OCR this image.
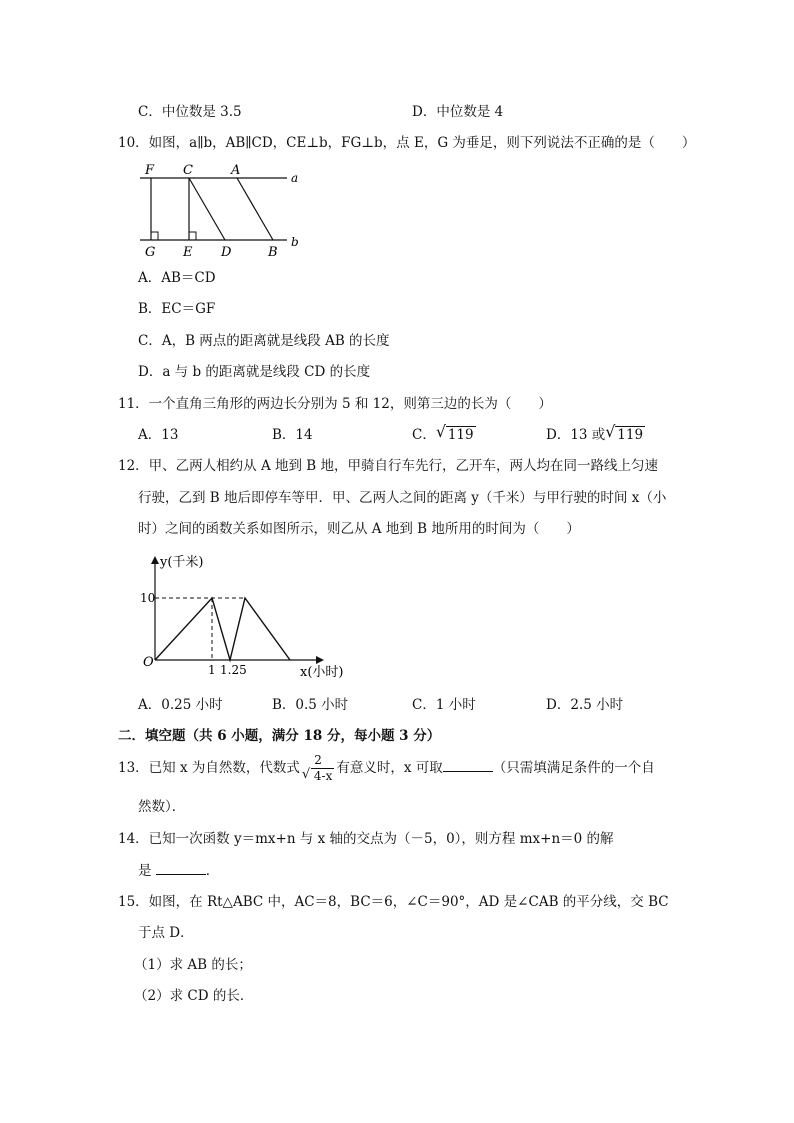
C．中位数是 3.5	D．中位数是 4
10．如图，a∥b，AB∥CD，CE⊥b，FG⊥b，点 E，G 为垂足，则下列说法不正确的是（　　）
F C	A	a
G E D	B
b
A．AB＝CD
B．EC＝GF
C．A，B 两点的距离就是线段 AB 的长度
D．a 与 b 的距离就是线段 CD 的长度
11．一个直角三角形的两边长分别为 5 和 12，则第三边的长为（　　）
A．13	B．14	C． √ 119	D．13 或 √ 119
12．甲、乙两人相约从 A 地到 B 地，甲骑自行车先行，乙开车，两人均在同一路线上匀速
行驶，乙到 B 地后即停车等甲．甲、乙两人之间的距离 y（千米）与甲行驶的时间 x（小
时）之间的函数关系如图所示，则乙从 A 地到 B 地所用的时间为（　　）
y(千米)
x(小时)
O
10
1 1.25
A．0.25 小时	B．0.5 小时	C．1 小时	D．2.5 小时
二．填空题（共 6 小题，满分 18 分，每小题 3 分）
13．已知 x 为自然数，代数式 $\frac{2}{√ 4-x}$ 有意义时，x 可取	（只需填满足条件的一个自
然数）．
14．已知一次函数 y＝mx+n 与 x 轴的交点为（－5，0），则方程 mx+n＝0 的解
是	．
15．如图，在 Rt△ABC 中，AC＝8，BC＝6，∠C＝90°，AD 是∠CAB 的平分线，交 BC
于点 D．
（1）求 AB 的长；
（2）求 CD 的长．
